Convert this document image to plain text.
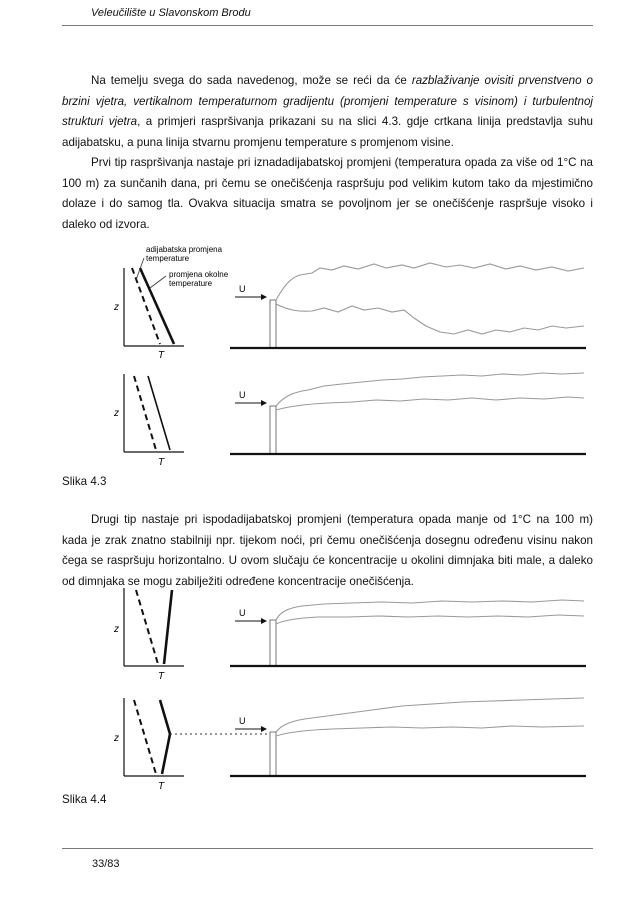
Veleučilište u Slavonskom Brodu

Na temelju svega do sada navedenog, može se reći da će razblaživanje ovisiti prvenstveno o brzini vjetra, vertikalnom temperaturnom gradijentu (promjeni temperature s visinom) i turbulentnoj strukturi vjetra, a primjeri raspršivanja prikazani su na slici 4.3. gdje crtkana linija predstavlja suhu adijabatsku, a puna linija stvarnu promjenu temperature s promjenom visine.

Prvi tip raspršivanja nastaje pri iznadadijabatskoj promjeni (temperatura opada za više od 1°C na 100 m) za sunčanih dana, pri čemu se onečišćenja raspršuju pod velikim kutom tako da mjestimično dolaze i do samog tla. Ovakva situacija smatra se povoljnom jer se onečišćenje raspršuje visoko i daleko od izvora.

z
T
adijabatska promjena
temperature
promjena okolne
temperature
U
z
T
U
Slika 4.3

Drugi tip nastaje pri ispodadijabatskoj promjeni (temperatura opada manje od 1°C na 100 m) kada je zrak znatno stabilniji npr. tijekom noći, pri čemu onečišćenja dosegnu određenu visinu nakon čega se raspršuju horizontalno. U ovom slučaju će koncentracije u okolini dimnjaka biti male, a daleko od dimnjaka se mogu zabilježiti određene koncentracije onečišćenja.

z
T
U
z
T
U
Slika 4.4
33/83
